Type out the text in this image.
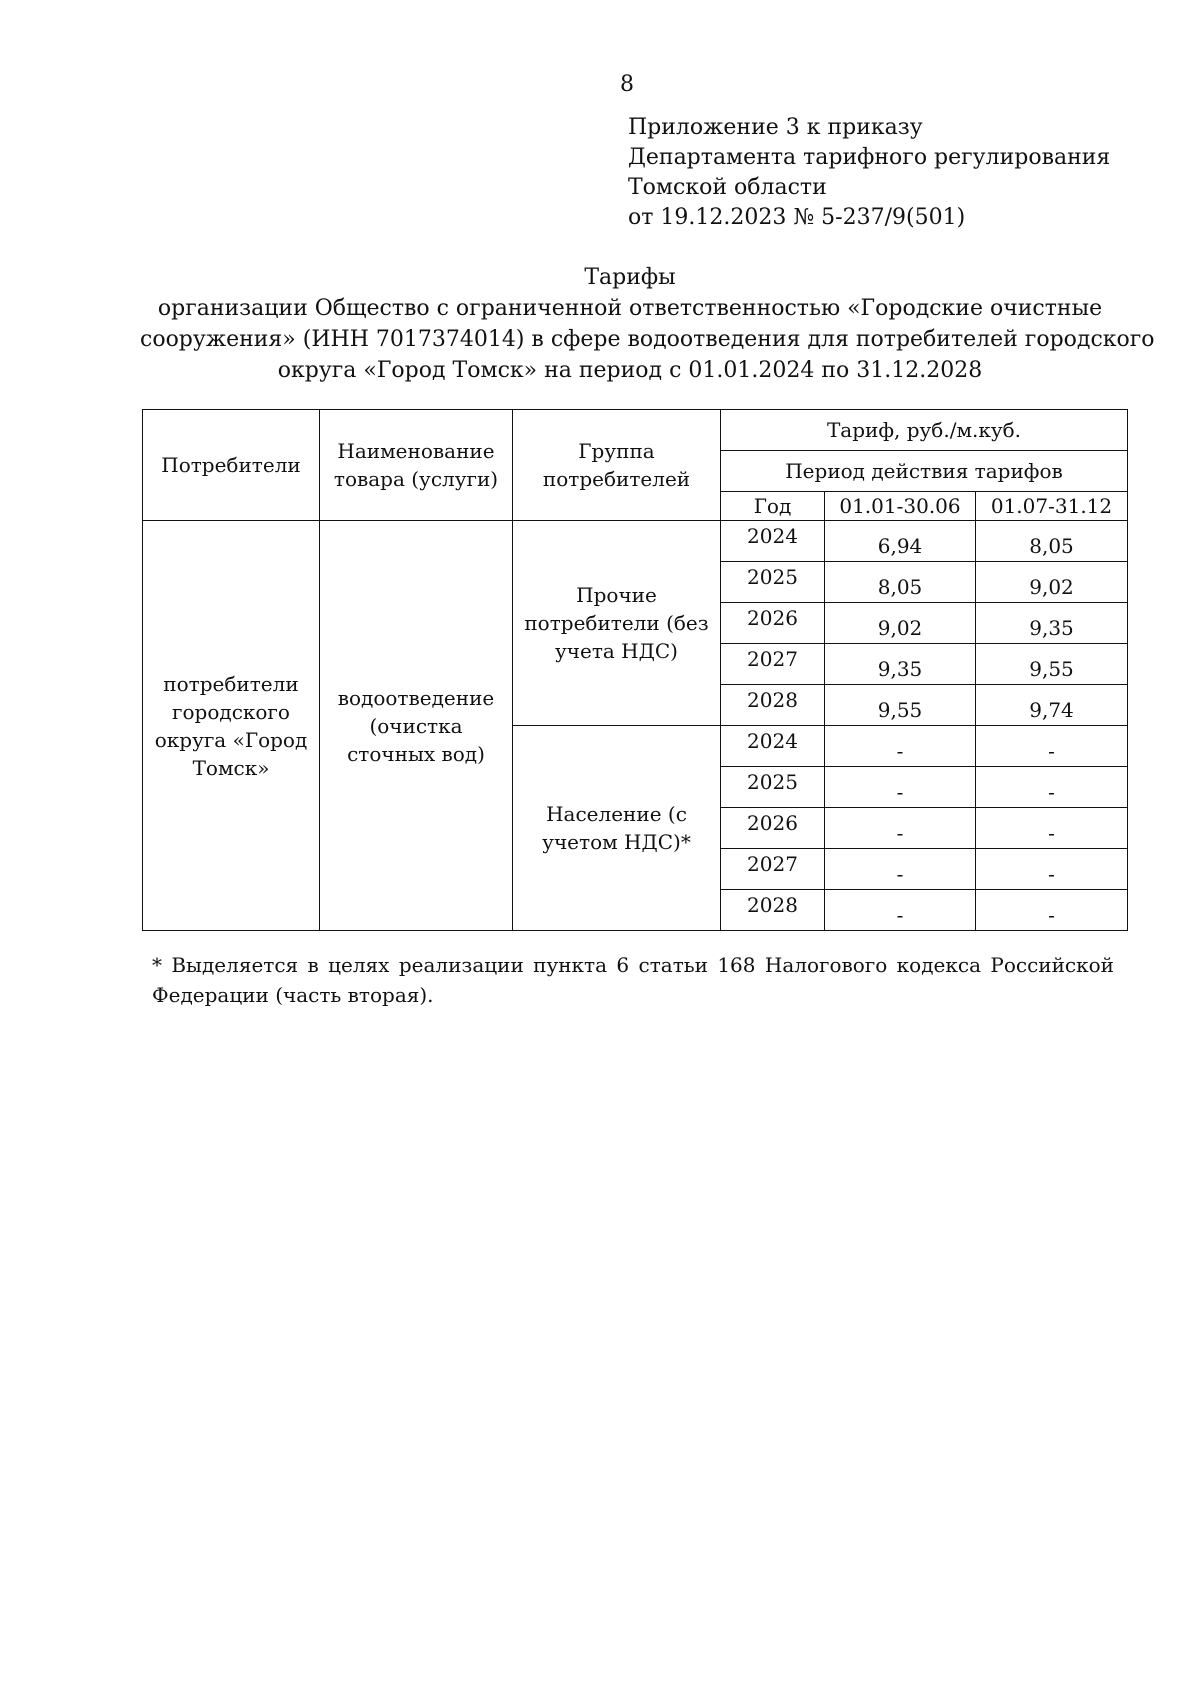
8
Приложение 3 к приказу
Департамента тарифного регулирования
Томской области
от 19.12.2023 № 5-237/9(501)
Тарифы
организации Общество с ограниченной ответственностью «Городские очистные
сооружения» (ИНН 7017374014) в сфере водоотведения для потребителей городского
округа «Город Томск» на период с 01.01.2024 по 31.12.2028
Потребители	Наименование товара (услуги)	Группа потребителей	Тариф, руб./м.куб.		
			Период действия тарифов		
			Год	01.01-30.06	01.07-31.12
потребители городского округа «Город Томск»	водоотведение (очистка сточных вод)	Прочие потребители (без учета НДС)	2024	6,94	8,05
			2025	8,05	9,02
			2026	9,02	9,35
			2027	9,35	9,55
			2028	9,55	9,74
		Население (с учетом НДС)*	2024	-	-
			2025	-	-
			2026	-	-
			2027	-	-
			2028	-	-
* Выделяется в целях реализации пункта 6 статьи 168 Налогового кодекса Российской Федерации (часть вторая).
